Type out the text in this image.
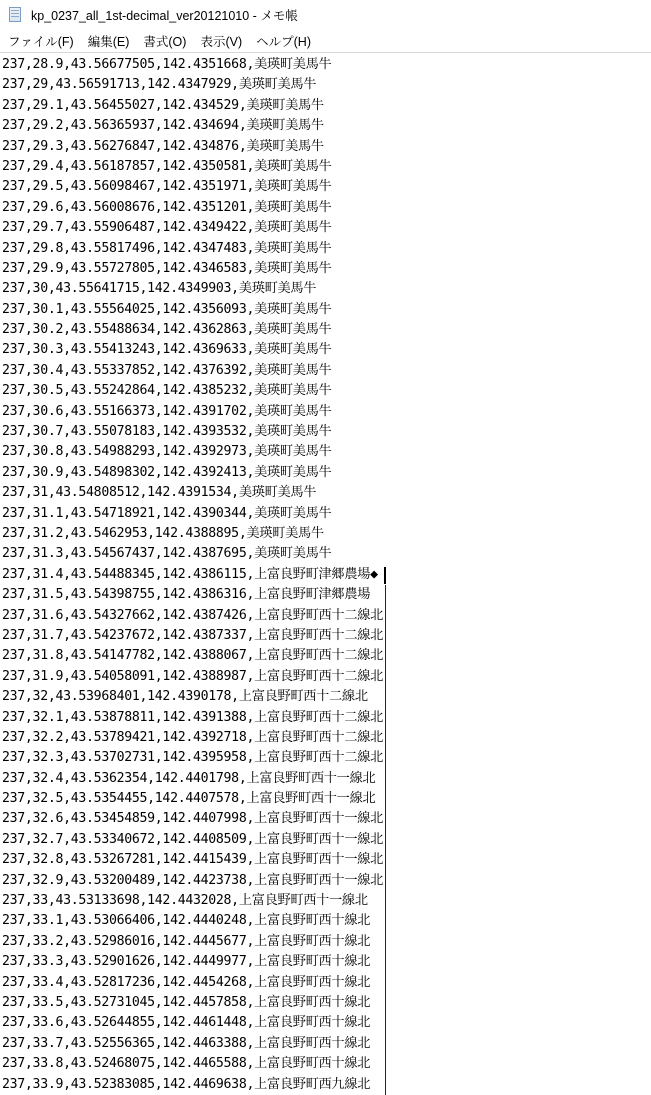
kp_0237_all_1st-decimal_ver20121010 - メモ帳
ファイル(F) 編集(E) 書式(O) 表示(V) ヘルプ(H)
237,28.9,43.56677505,142.4351668,美瑛町美馬牛
237,29,43.56591713,142.4347929,美瑛町美馬牛
237,29.1,43.56455027,142.434529,美瑛町美馬牛
237,29.2,43.56365937,142.434694,美瑛町美馬牛
237,29.3,43.56276847,142.434876,美瑛町美馬牛
237,29.4,43.56187857,142.4350581,美瑛町美馬牛
237,29.5,43.56098467,142.4351971,美瑛町美馬牛
237,29.6,43.56008676,142.4351201,美瑛町美馬牛
237,29.7,43.55906487,142.4349422,美瑛町美馬牛
237,29.8,43.55817496,142.4347483,美瑛町美馬牛
237,29.9,43.55727805,142.4346583,美瑛町美馬牛
237,30,43.55641715,142.4349903,美瑛町美馬牛
237,30.1,43.55564025,142.4356093,美瑛町美馬牛
237,30.2,43.55488634,142.4362863,美瑛町美馬牛
237,30.3,43.55413243,142.4369633,美瑛町美馬牛
237,30.4,43.55337852,142.4376392,美瑛町美馬牛
237,30.5,43.55242864,142.4385232,美瑛町美馬牛
237,30.6,43.55166373,142.4391702,美瑛町美馬牛
237,30.7,43.55078183,142.4393532,美瑛町美馬牛
237,30.8,43.54988293,142.4392973,美瑛町美馬牛
237,30.9,43.54898302,142.4392413,美瑛町美馬牛
237,31,43.54808512,142.4391534,美瑛町美馬牛
237,31.1,43.54718921,142.4390344,美瑛町美馬牛
237,31.2,43.5462953,142.4388895,美瑛町美馬牛
237,31.3,43.54567437,142.4387695,美瑛町美馬牛
237,31.4,43.54488345,142.4386115,上富良野町津郷農場◆
237,31.5,43.54398755,142.4386316,上富良野町津郷農場
237,31.6,43.54327662,142.4387426,上富良野町西十二線北
237,31.7,43.54237672,142.4387337,上富良野町西十二線北
237,31.8,43.54147782,142.4388067,上富良野町西十二線北
237,31.9,43.54058091,142.4388987,上富良野町西十二線北
237,32,43.53968401,142.4390178,上富良野町西十二線北
237,32.1,43.53878811,142.4391388,上富良野町西十二線北
237,32.2,43.53789421,142.4392718,上富良野町西十二線北
237,32.3,43.53702731,142.4395958,上富良野町西十二線北
237,32.4,43.5362354,142.4401798,上富良野町西十一線北
237,32.5,43.5354455,142.4407578,上富良野町西十一線北
237,32.6,43.53454859,142.4407998,上富良野町西十一線北
237,32.7,43.53340672,142.4408509,上富良野町西十一線北
237,32.8,43.53267281,142.4415439,上富良野町西十一線北
237,32.9,43.53200489,142.4423738,上富良野町西十一線北
237,33,43.53133698,142.4432028,上富良野町西十一線北
237,33.1,43.53066406,142.4440248,上富良野町西十線北
237,33.2,43.52986016,142.4445677,上富良野町西十線北
237,33.3,43.52901626,142.4449977,上富良野町西十線北
237,33.4,43.52817236,142.4454268,上富良野町西十線北
237,33.5,43.52731045,142.4457858,上富良野町西十線北
237,33.6,43.52644855,142.4461448,上富良野町西十線北
237,33.7,43.52556365,142.4463388,上富良野町西十線北
237,33.8,43.52468075,142.4465588,上富良野町西十線北
237,33.9,43.52383085,142.4469638,上富良野町西九線北
